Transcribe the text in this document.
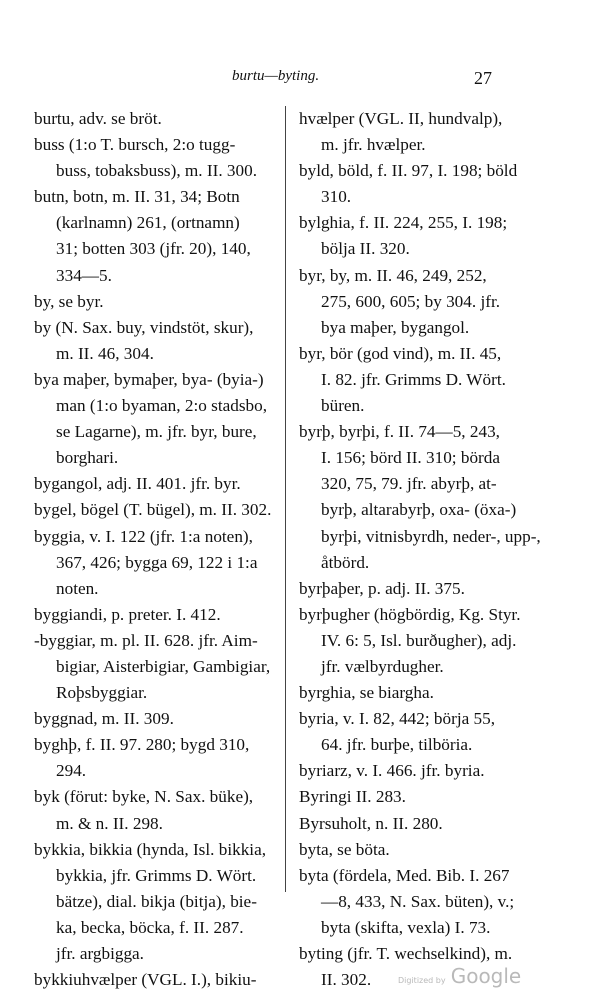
burtu—byting.	27
burtu, adv. se bröt.
buss (1:o T. bursch, 2:o tugg-
buss, tobaksbuss), m. II. 300.
butn, botn, m. II. 31, 34; Botn
(karlnamn) 261, (ortnamn)
31; botten 303 (jfr. 20), 140,
334—5.
by, se byr.
by (N. Sax. buy, vindstöt, skur),
m. II. 46, 304.
bya maþer, bymaþer, bya- (byia-)
man (1:o byaman, 2:o stadsbo,
se Lagarne), m. jfr. byr, bure,
borghari.
bygangol, adj. II. 401. jfr. byr.
bygel, bögel (T. bügel), m. II. 302.
byggia, v. I. 122 (jfr. 1:a noten),
367, 426; bygga 69, 122 i 1:a
noten.
byggiandi, p. preter. I. 412.
-byggiar, m. pl. II. 628. jfr. Aim-
bigiar, Aisterbigiar, Gambigiar,
Roþsbyggiar.
byggnad, m. II. 309.
byghþ, f. II. 97. 280; bygd 310,
294.
byk (förut: byke, N. Sax. büke),
m. & n. II. 298.
bykkia, bikkia (hynda, Isl. bikkia,
bykkia, jfr. Grimms D. Wört.
bätze), dial. bikja (bitja), bie-
ka, becka, böcka, f. II. 287.
jfr. argbigga.
bykkiuhvælper (VGL. I.), bikiu-
hvælper (VGL. II, hundvalp),
m. jfr. hvælper.
byld, böld, f. II. 97, I. 198; böld
310.
bylghia, f. II. 224, 255, I. 198;
bölja II. 320.
byr, by, m. II. 46, 249, 252,
275, 600, 605; by 304. jfr.
bya maþer, bygangol.
byr, bör (god vind), m. II. 45,
I. 82. jfr. Grimms D. Wört.
büren.
byrþ, byrþi, f. II. 74—5, 243,
I. 156; börd II. 310; börda
320, 75, 79. jfr. abyrþ, at-
byrþ, altarabyrþ, oxa- (öxa-)
byrþi, vitnisbyrdh, neder-, upp-,
åtbörd.
byrþaþer, p. adj. II. 375.
byrþugher (högbördig, Kg. Styr.
IV. 6: 5, Isl. burðugher), adj.
jfr. vælbyrdugher.
byrghia, se biargha.
byria, v. I. 82, 442; börja 55,
64. jfr. burþe, tilböria.
byriarz, v. I. 466. jfr. byria.
Byringi II. 283.
Byrsuholt, n. II. 280.
byta, se böta.
byta (fördela, Med. Bib. I. 267
—8, 433, N. Sax. büten), v.;
byta (skifta, vexla) I. 73.
byting (jfr. T. wechselkind), m.
II. 302.	Digitized by Google
